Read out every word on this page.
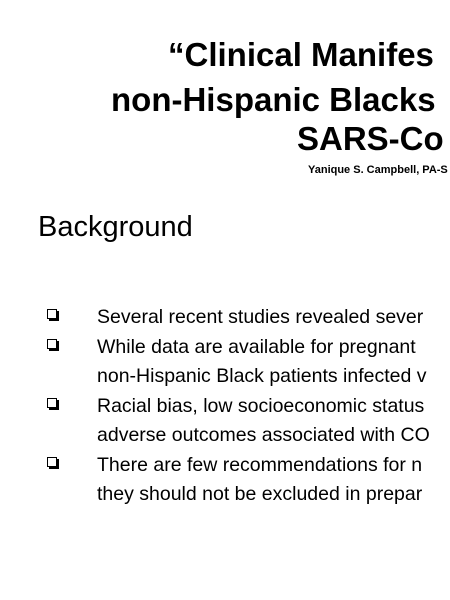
“Clinical Manifes
non-Hispanic Blacks
SARS-Co
Yanique S. Campbell, PA-S
Background
Several recent studies revealed sever
While data are available for pregnant
non-Hispanic Black patients infected v
Racial bias, low socioeconomic status
adverse outcomes associated with CO
There are few recommendations for n
they should not be excluded in prepar
